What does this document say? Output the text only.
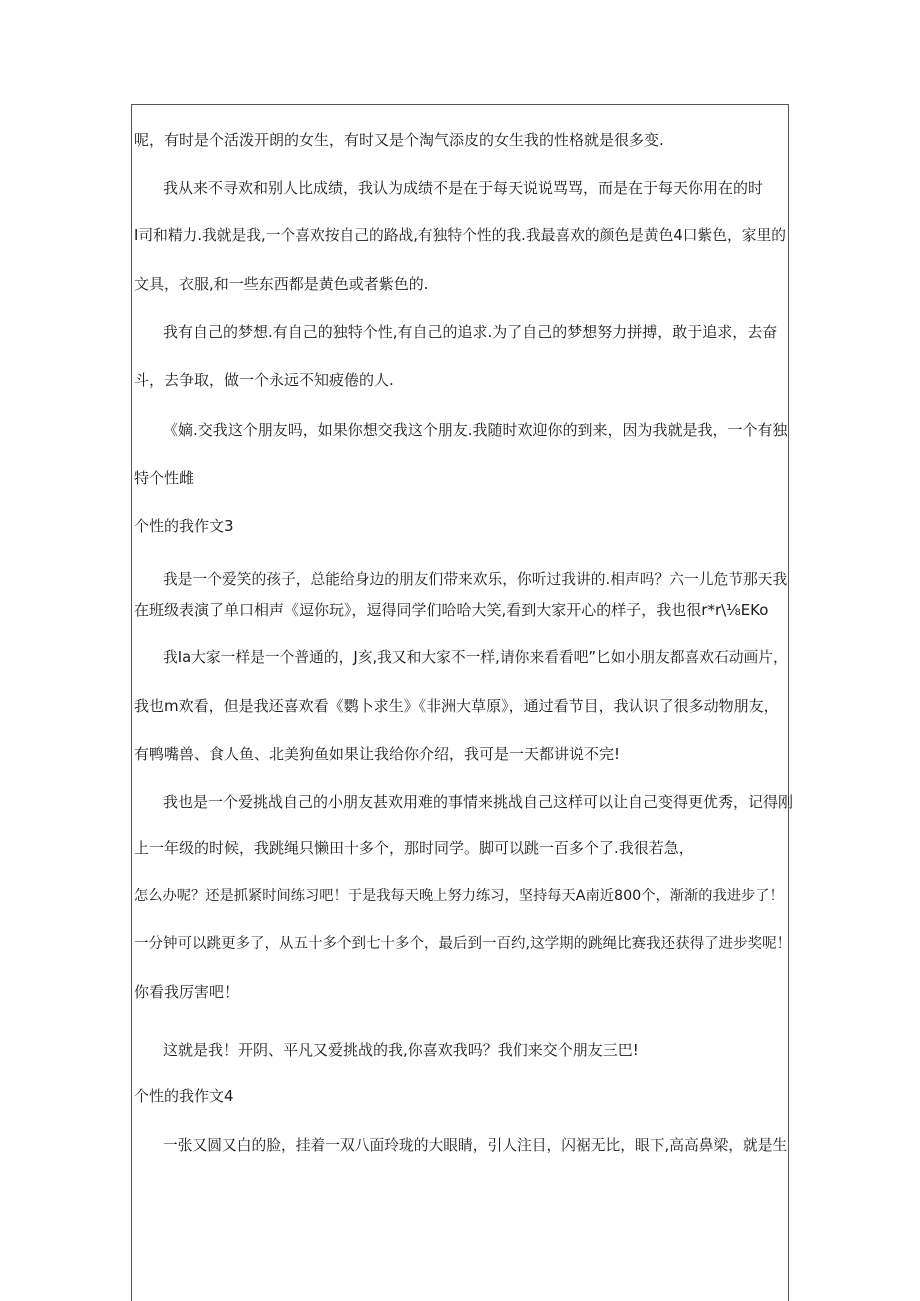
呢，有时是个活泼开朗的女生，有时又是个淘气添皮的女生我的性格就是很多变.
我从来不寻欢和别人比成绩，我认为成绩不是在于每天说说骂骂，而是在于每天你用在的时
I司和精力.我就是我,一个喜欢按自己的路战,有独特个性的我.我最喜欢的颜色是黄色4口紫色，家里的
文具，衣服,和一些东西都是黄色或者紫色的.
我有自己的梦想.有自己的独特个性,有自己的追求.为了自己的梦想努力拼搏，敢于追求，去奋
斗，去争取，做一个永远不知疲倦的人.
《嫡.交我这个朋友吗，如果你想交我这个朋友.我随时欢迎你的到来，因为我就是我，一个有独
特个性雌
个性的我作文3
我是一个爱笑的孩子，总能给身边的朋友们带来欢乐，你听过我讲的.相声吗？六一儿危节那天我
在班级表演了单口相声《逗你玩》，逗得同学们哈哈大笑,看到大家开心的样子，我也很r*r\⅛EKo
我Ia大家一样是一个普通的，J亥,我又和大家不一样,请你来看看吧”匕如小朋友都喜欢石动画片，
我也m欢看，但是我还喜欢看《鹦卜求生》《非洲大草原》，通过看节目，我认识了很多动物朋友，
有鸭嘴兽、食人鱼、北美狗鱼如果让我给你介绍，我可是一天都讲说不完!
我也是一个爱挑战自己的小朋友甚欢用难的事情来挑战自己这样可以让自己变得更优秀，记得刚
上一年级的时候，我跳绳只懒田十多个，那时同学。脚可以跳一百多个了.我很若急，
怎么办呢？还是抓紧时间练习吧！于是我每天晚上努力练习，坚持每天A南近800个，渐渐的我进步了！
一分钟可以跳更多了，从五十多个到七十多个，最后到一百约,这学期的跳绳比赛我还获得了进步奖呢！
你看我厉害吧！
这就是我！开阴、平凡又爱挑战的我,你喜欢我吗？我们来交个朋友三巴!
个性的我作文4
一张又圆又白的脸，挂着一双八面玲珑的大眼睛，引人注目，闪裾无比，眼下,高高鼻梁，就是生
